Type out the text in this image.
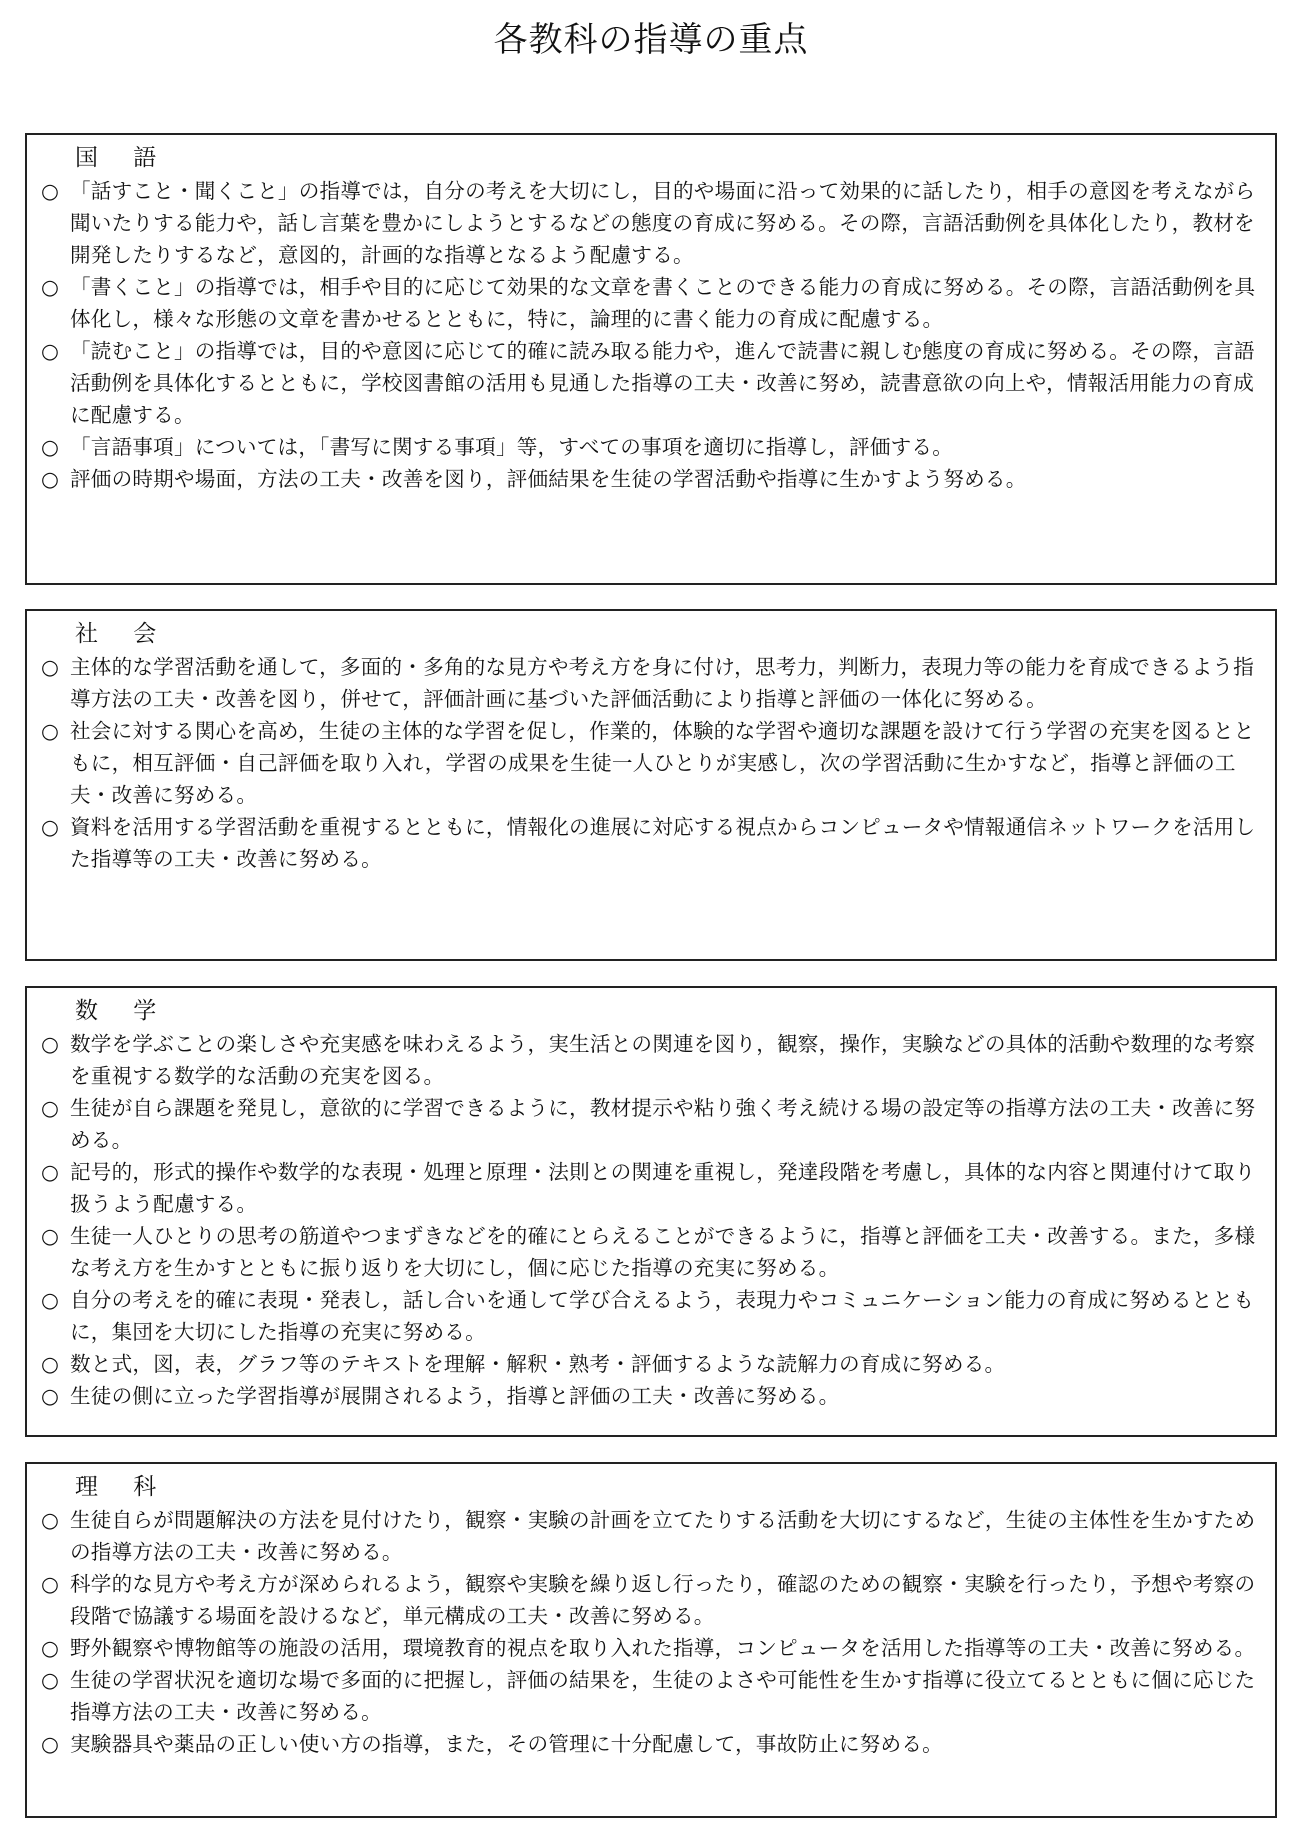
各教科の指導の重点
国 語

○ 「話すこと・聞くこと」の指導では，自分の考えを大切にし，目的や場面に沿って効果的に話したり，相手の意図を考えながら聞いたりする能力や，話し言葉を豊かにしようとするなどの態度の育成に努める。その際，言語活動例を具体化したり，教材を開発したりするなど，意図的，計画的な指導となるよう配慮する。

○ 「書くこと」の指導では，相手や目的に応じて効果的な文章を書くことのできる能力の育成に努める。その際，言語活動例を具体化し，様々な形態の文章を書かせるとともに，特に，論理的に書く能力の育成に配慮する。

○ 「読むこと」の指導では，目的や意図に応じて的確に読み取る能力や，進んで読書に親しむ態度の育成に努める。その際，言語活動例を具体化するとともに，学校図書館の活用も見通した指導の工夫・改善に努め，読書意欲の向上や，情報活用能力の育成に配慮する。

○ 「言語事項」については，「書写に関する事項」等，すべての事項を適切に指導し，評価する。

○ 評価の時期や場面，方法の工夫・改善を図り，評価結果を生徒の学習活動や指導に生かすよう努める。

社 会

○ 主体的な学習活動を通して，多面的・多角的な見方や考え方を身に付け，思考力，判断力，表現力等の能力を育成できるよう指導方法の工夫・改善を図り，併せて，評価計画に基づいた評価活動により指導と評価の一体化に努める。

○ 社会に対する関心を高め，生徒の主体的な学習を促し，作業的，体験的な学習や適切な課題を設けて行う学習の充実を図るとともに，相互評価・自己評価を取り入れ，学習の成果を生徒一人ひとりが実感し，次の学習活動に生かすなど，指導と評価の工夫・改善に努める。

○ 資料を活用する学習活動を重視するとともに，情報化の進展に対応する視点からコンピュータや情報通信ネットワークを活用した指導等の工夫・改善に努める。

数 学

○ 数学を学ぶことの楽しさや充実感を味わえるよう，実生活との関連を図り，観察，操作，実験などの具体的活動や数理的な考察を重視する数学的な活動の充実を図る。

○ 生徒が自ら課題を発見し，意欲的に学習できるように，教材提示や粘り強く考え続ける場の設定等の指導方法の工夫・改善に努める。

○ 記号的，形式的操作や数学的な表現・処理と原理・法則との関連を重視し，発達段階を考慮し，具体的な内容と関連付けて取り扱うよう配慮する。

○ 生徒一人ひとりの思考の筋道やつまずきなどを的確にとらえることができるように，指導と評価を工夫・改善する。また，多様な考え方を生かすとともに振り返りを大切にし，個に応じた指導の充実に努める。

○ 自分の考えを的確に表現・発表し，話し合いを通して学び合えるよう，表現力やコミュニケーション能力の育成に努めるとともに，集団を大切にした指導の充実に努める。

○ 数と式，図，表，グラフ等のテキストを理解・解釈・熟考・評価するような読解力の育成に努める。

○ 生徒の側に立った学習指導が展開されるよう，指導と評価の工夫・改善に努める。

理 科

○ 生徒自らが問題解決の方法を見付けたり，観察・実験の計画を立てたりする活動を大切にするなど，生徒の主体性を生かすための指導方法の工夫・改善に努める。

○ 科学的な見方や考え方が深められるよう，観察や実験を繰り返し行ったり，確認のための観察・実験を行ったり，予想や考察の段階で協議する場面を設けるなど，単元構成の工夫・改善に努める。

○ 野外観察や博物館等の施設の活用，環境教育的視点を取り入れた指導，コンピュータを活用した指導等の工夫・改善に努める。

○ 生徒の学習状況を適切な場で多面的に把握し，評価の結果を，生徒のよさや可能性を生かす指導に役立てるとともに個に応じた指導方法の工夫・改善に努める。

○ 実験器具や薬品の正しい使い方の指導，また，その管理に十分配慮して，事故防止に努める。
